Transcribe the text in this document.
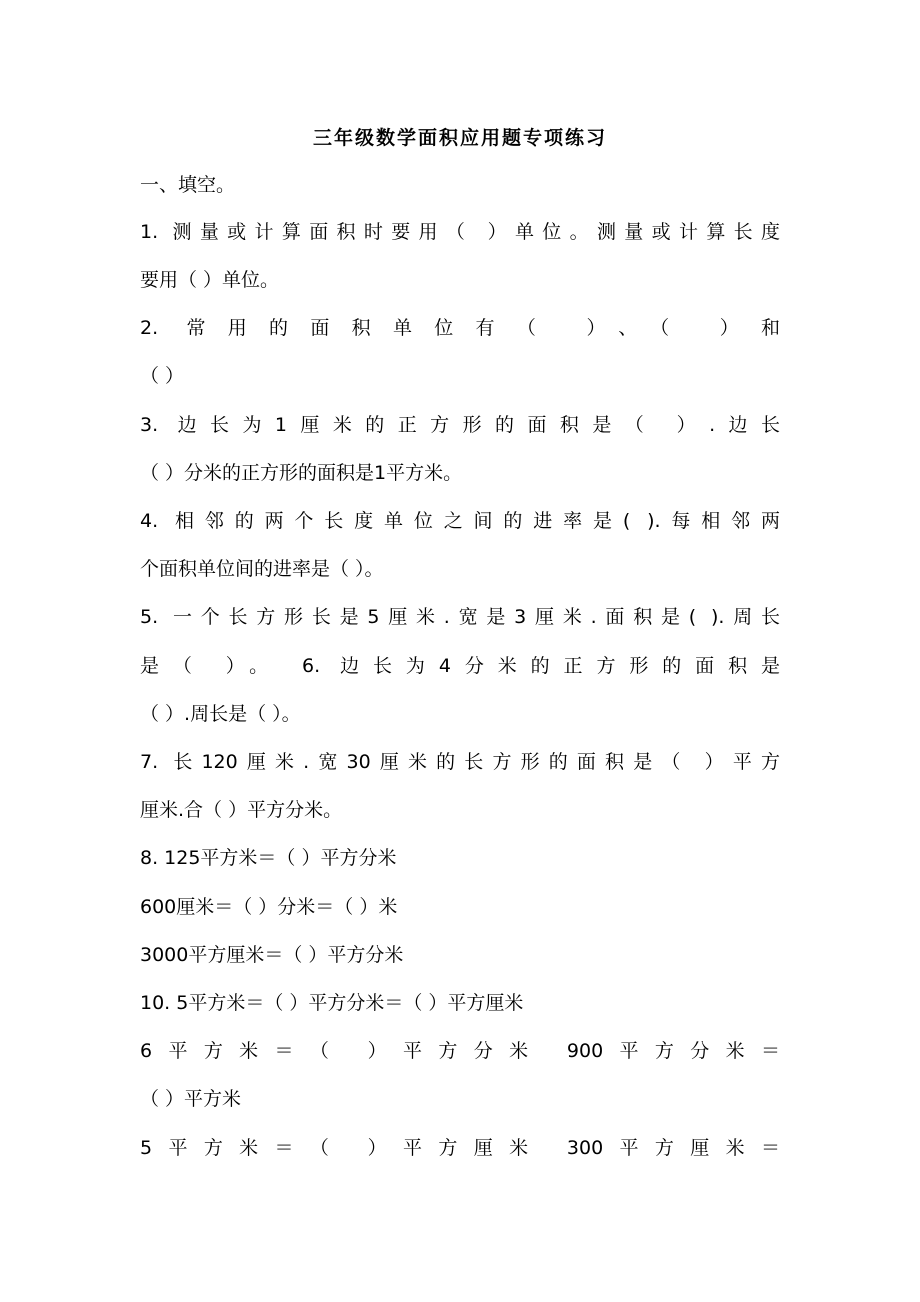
三年级数学面积应用题专项练习
一、填空。
1. 测量或计算面积时要用（ ）单位。测量或计算长度
要用（ ）单位。
2. 常用的面积单位有（ ）、（ ）和
（ ）
3. 边长为1厘米的正方形的面积是（ ）.边长
（ ）分米的正方形的面积是1平方米。
4. 相邻的两个长度单位之间的进率是( ).每相邻两
个面积单位间的进率是（ ）。
5. 一个长方形长是5厘米.宽是3厘米.面积是( ).周长
是（ ）。 6. 边长为4分米的正方形的面积是
（ ）.周长是（ ）。
7. 长120厘米.宽30厘米的长方形的面积是（ ）平方
厘米.合（ ）平方分米。
8. 125平方米＝（ ）平方分米
600厘米＝（ ）分米＝（ ）米
3000平方厘米＝（ ）平方分米
10. 5平方米＝（ ）平方分米＝（ ）平方厘米
6平方米＝（ ）平方分米 900平方分米＝
（ ）平方米
5平方米＝（ ）平方厘米 300平方厘米＝
